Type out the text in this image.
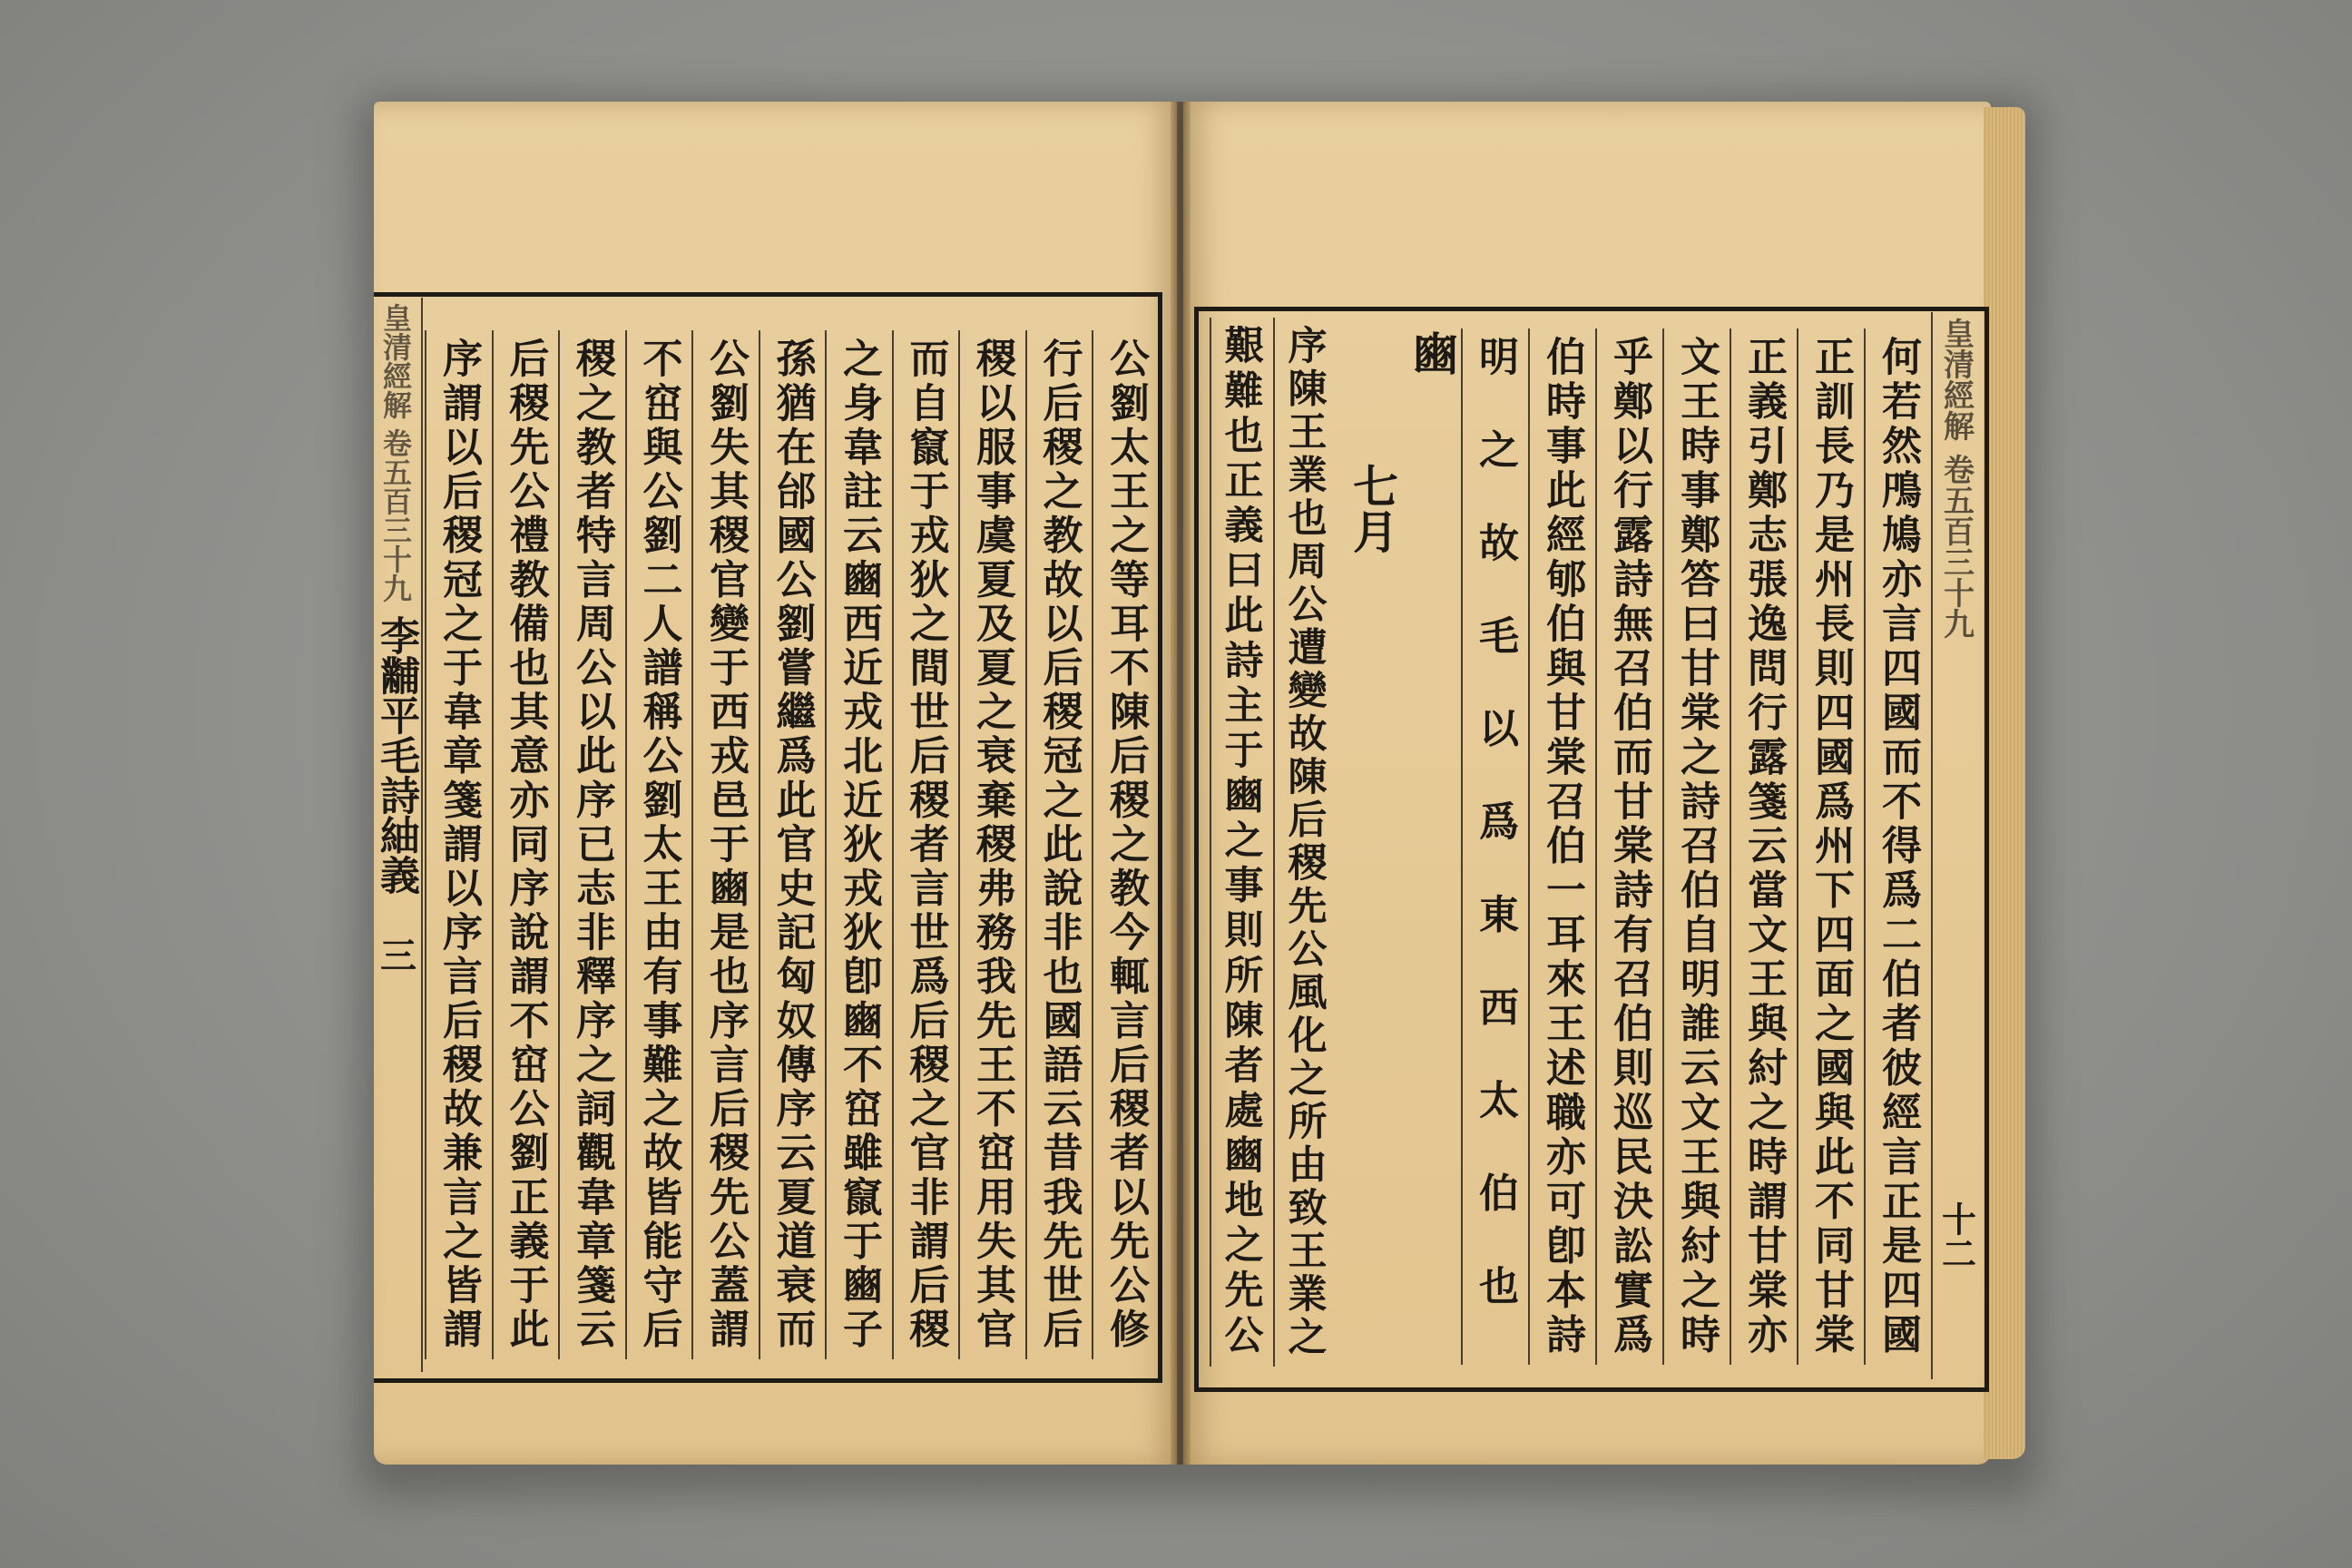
皇清經解
卷五百三十九
李黼平毛詩紬義
三	公劉太王之等耳不陳后稷之教今輒言后稷者以先公修
行后稷之教故以后稷冠之此說非也國語云昔我先世后
稷以服事虞夏及夏之衰棄稷弗務我先王不窋用失其官
而自竄于戎狄之間世后稷者言世爲后稷之官非謂后稷
之身韋註云豳西近戎北近狄戎狄卽豳不窋雖竄于豳子
孫猶在邰國公劉嘗繼爲此官史記匈奴傳序云夏道衰而
公劉失其稷官變于西戎邑于豳是也序言后稷先公蓋謂
不窋與公劉二人譜稱公劉太王由有事難之故皆能守后
稷之教者特言周公以此序已志非釋序之詞觀韋章箋云
后稷先公禮教備也其意亦同序說謂不窋公劉正義于此
序謂以后稷冠之于韋章箋謂以序言后稷故兼言之皆謂	皇清經解
卷五百三十九
十二
何若然鳲鳩亦言四國而不得爲二伯者彼經言正是四國
正訓長乃是州長則四國爲州下四面之國與此不同甘棠
正義引鄭志張逸問行露箋云當文王與紂之時謂甘棠亦
文王時事鄭答曰甘棠之詩召伯自明誰云文王與紂之時
乎鄭以行露詩無召伯而甘棠詩有召伯則巡民決訟實爲
伯時事此經郇伯與甘棠召伯一耳來王述職亦可卽本詩
明之故毛以爲東西太伯也
豳
七月
序陳王業也周公遭變故陳后稷先公風化之所由致王業之
艱難也正義曰此詩主于豳之事則所陳者處豳地之先公
